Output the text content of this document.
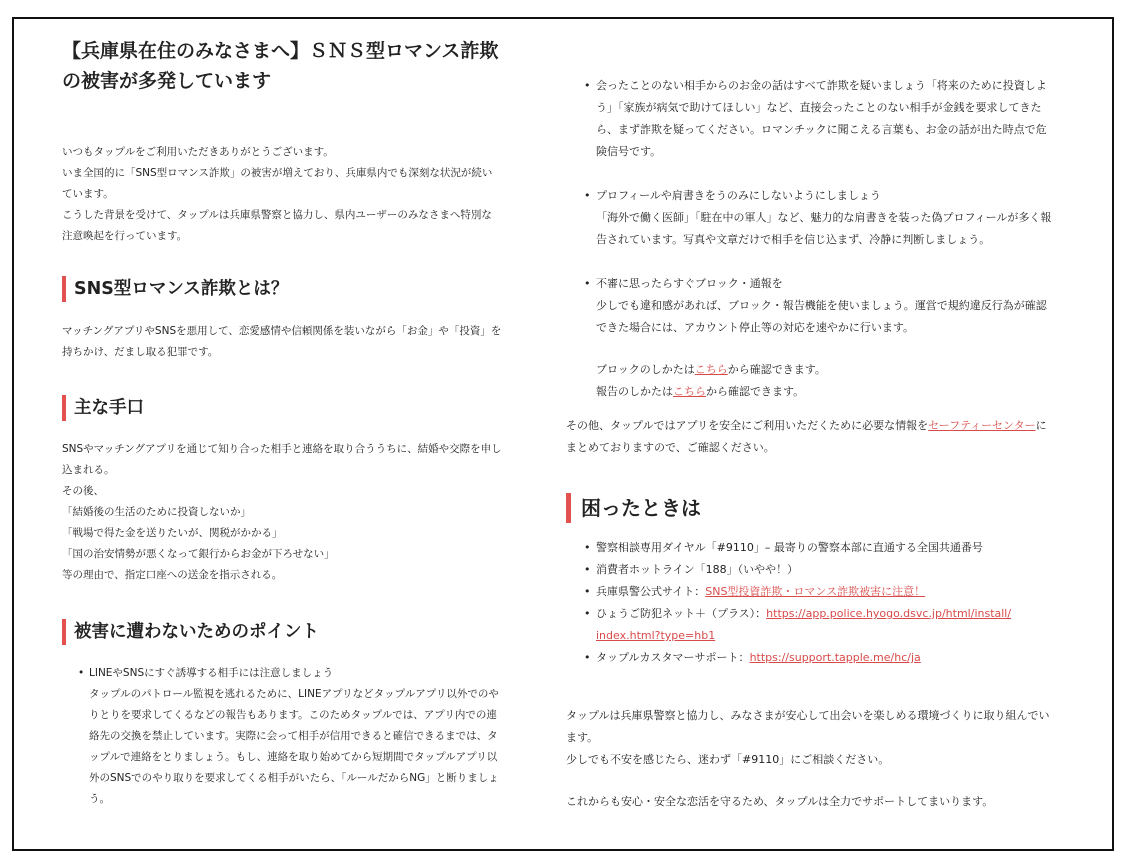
【兵庫県在住のみなさまへ】ＳＮＳ型ロマンス詐欺の被害が多発しています

いつもタップルをご利用いただきありがとうございます。

いま全国的に「SNS型ロマンス詐欺」の被害が増えており、兵庫県内でも深刻な状況が続いています。

こうした背景を受けて、タップルは兵庫県警察と協力し、県内ユーザーのみなさまへ特別な注意喚起を行っています。

SNS型ロマンス詐欺とは？

マッチングアプリやSNSを悪用して、恋愛感情や信頼関係を装いながら「お金」や「投資」を持ちかけ、だまし取る犯罪です。

主な手口

SNSやマッチングアプリを通じて知り合った相手と連絡を取り合ううちに、結婚や交際を申し込まれる。

その後、

「結婚後の生活のために投資しないか」

「戦場で得た金を送りたいが、関税がかかる」

「国の治安情勢が悪くなって銀行からお金が下ろせない」

等の理由で、指定口座への送金を指示される。

被害に遭わないためのポイント

• LINEやSNSにすぐ誘導する相手には注意しましょう

タップルのパトロール監視を逃れるために、LINEアプリなどタップルアプリ以外でのやりとりを要求してくるなどの報告もあります。このためタップルでは、アプリ内での連絡先の交換を禁止しています。実際に会って相手が信用できると確信できるまでは、タップルで連絡をとりましょう。もし、連絡を取り始めてから短期間でタップルアプリ以外のSNSでのやり取りを要求してくる相手がいたら、「ルールだからNG」と断りましょう。

• 会ったことのない相手からのお金の話はすべて詐欺を疑いましょう「将来のために投資しよう」「家族が病気で助けてほしい」など、直接会ったことのない相手が金銭を要求してきたら、まず詐欺を疑ってください。ロマンチックに聞こえる言葉も、お金の話が出た時点で危険信号です。

• プロフィールや肩書きをうのみにしないようにしましょう

「海外で働く医師」「駐在中の軍人」など、魅力的な肩書きを装った偽プロフィールが多く報告されています。写真や文章だけで相手を信じ込まず、冷静に判断しましょう。

• 不審に思ったらすぐブロック・通報を

少しでも違和感があれば、ブロック・報告機能を使いましょう。運営で規約違反行為が確認できた場合には、アカウント停止等の対応を速やかに行います。

ブロックのしかたはこちらから確認できます。

報告のしかたはこちらから確認できます。

その他、タップルではアプリを安全にご利用いただくために必要な情報をセーフティーセンターにまとめておりますので、ご確認ください。

困ったときは

• 警察相談専用ダイヤル「#9110」– 最寄りの警察本部に直通する全国共通番号

• 消費者ホットライン「188」（いやや！）

• 兵庫県警公式サイト：SNS型投資詐欺・ロマンス詐欺被害に注意！

• ひょうご防犯ネット＋（プラス）：https://app.police.hyogo.dsvc.jp/html/install/
index.html?type=hb1

• タップルカスタマーサポート：https://support.tapple.me/hc/ja

タップルは兵庫県警察と協力し、みなさまが安心して出会いを楽しめる環境づくりに取り組んでいます。

少しでも不安を感じたら、迷わず「#9110」にご相談ください。

これからも安心・安全な恋活を守るため、タップルは全力でサポートしてまいります。
